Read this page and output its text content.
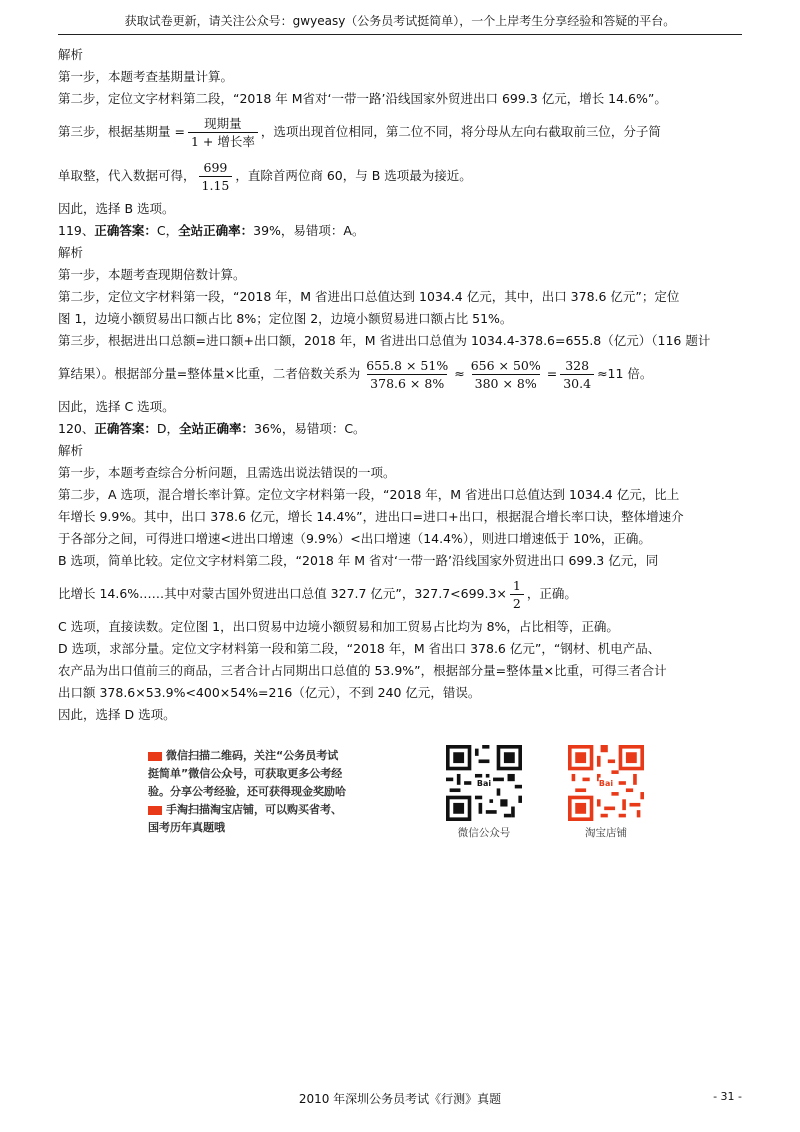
获取试卷更新，请关注公众号：gwyeasy（公务员考试挺简单），一个上岸考生分享经验和答疑的平台。
解析
第一步，本题考查基期量计算。
第二步，定位文字材料第二段，“2018 年 M省对‘一带一路’沿线国家外贸进出口 699.3 亿元，增长 14.6%”。
第三步，根据基期量 = $\frac{\text{现期量}}{\text{1 + 增长率}}$ ，选项出现首位相同，第二位不同，将分母从左向右截取前三位，分子简
单取整，代入数据可得， $\frac{699}{1.15}$ ，直除首两位商 60，与 B 选项最为接近。
因此，选择 B 选项。
119、正确答案：C，全站正确率：39%，易错项：A。
解析
第一步，本题考查现期倍数计算。
第二步，定位文字材料第一段，“2018 年，M 省进出口总值达到 1034.4 亿元，其中，出口 378.6 亿元”；定位
图 1，边境小额贸易出口额占比 8%；定位图 2，边境小额贸易进口额占比 51%。
第三步，根据进出口总额=进口额+出口额，2018 年，M 省进出口总值为 1034.4-378.6=655.8（亿元）（116 题计
算结果）。根据部分量=整体量×比重，二者倍数关系为 $\frac{655.8 \times 51\%}{378.6 \times 8\%} \approx \frac{656 \times 50\%}{380 \times 8\%} = \frac{328}{30.4} \approx 11$ 倍。
因此，选择 C 选项。
120、正确答案：D，全站正确率：36%，易错项：C。
解析
第一步，本题考查综合分析问题，且需选出说法错误的一项。
第二步，A 选项，混合增长率计算。定位文字材料第一段，“2018 年，M 省进出口总值达到 1034.4 亿元，比上
年增长 9.9%。其中，出口 378.6 亿元，增长 14.4%”，进出口=进口+出口，根据混合增长率口诀，整体增速介
于各部分之间，可得进口增速<进出口增速（9.9%）<出口增速（14.4%），则进口增速低于 10%，正确。
B 选项，简单比较。定位文字材料第二段，“2018 年 M 省对‘一带一路’沿线国家外贸进出口 699.3 亿元，同
比增长 14.6%……其中对蒙古国外贸进出口总值 327.7 亿元”，$327.7<699.3\times \frac{1}{2}$ ，正确。
C 选项，直接读数。定位图 1，出口贸易中边境小额贸易和加工贸易占比均为 8%，占比相等，正确。
D 选项，求部分量。定位文字材料第一段和第二段，“2018 年，M 省出口 378.6 亿元”，“钢材、机电产品、
农产品为出口值前三的商品，三者合计占同期出口总值的 53.9%”，根据部分量=整体量×比重，可得三者合计
出口额 378.6×53.9%<400×54%=216（亿元），不到 240 亿元，错误。
因此，选择 D 选项。
微信扫描二维码，关注“公务员考试
挺简单”微信公众号，可获取更多公考经
验。分享公考经验，还可获得现金奖励哈
手淘扫描淘宝店铺，可以购买省考、
国考历年真题哦
Bai
微信公众号
Bai
淘宝店铺
2010 年深圳公务员考试《行测》真题	- 31 -
